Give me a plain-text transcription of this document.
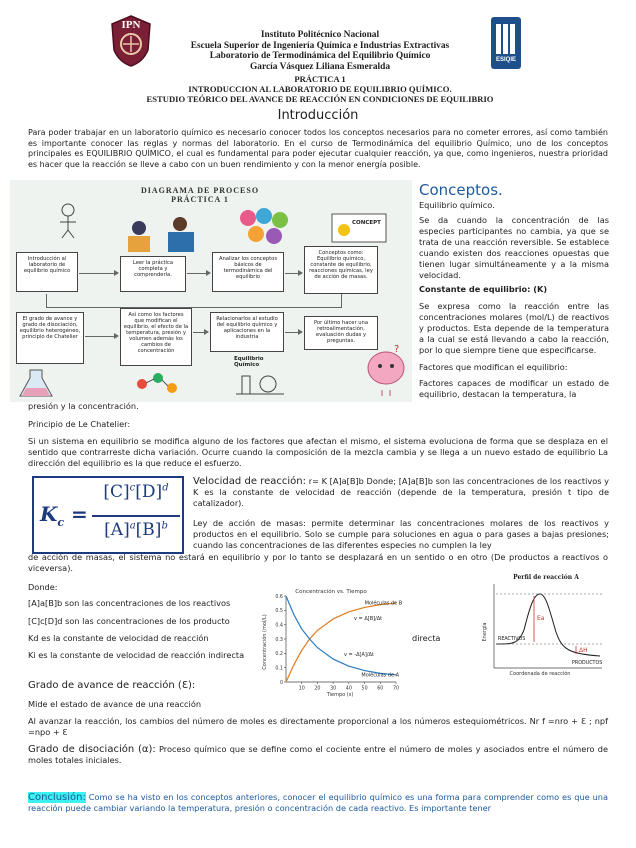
IPN
ESIQIE
Instituto Politécnico Nacional
Escuela Superior de Ingeniería Química e Industrias Extractivas
Laboratorio de Termodinámica del Equilibrio Químico
García Vásquez Liliana Esmeralda
PRÁCTICA 1
INTRODUCCION AL LABORATORIO DE EQUILIBRIO QUÍMICO.
ESTUDIO TEÓRICO DEL AVANCE DE REACCIÓN EN CONDICIONES DE EQUILIBRIO
Introducción
Para poder trabajar en un laboratorio químico es necesario conocer todos los conceptos necesarios para no cometer errores, así como también es importante conocer las reglas y normas del laboratorio. En el curso de Termodinámica del equilibrio Químico, uno de los conceptos principales es EQUILIBRIO QUÍMICO, el cual es fundamental para poder ejecutar cualquier reacción, ya que, como ingenieros, nuestra prioridad es hacer que la reacción se lleve a cabo con un buen rendimiento y con la menor energía posible.
DIAGRAMA DE PROCESO
PRÁCTICA 1
CONCEPT
Introducción al laboratorio de equilibrio químico
Leer la práctica completa y comprenderla.
Analizar los conceptos básicos de termodinámica del equilibrio
Conceptos como: Equilibrio químico, constante de equilibrio, reacciones químicas, ley de acción de masas.
El grado de avance y grado de disociación, equilibrio heterogéneo, principio de Chatelier
Así como los factores que modifican el equilibrio, el efecto de la temperatura, presión y volumen además los cambios de concentración
Relacionarlos al estudio del equilibrio químico y aplicaciones en la industria
Por último hacer una retroalimentación, evaluación dudas y preguntas.
Equilibrio Químico
?
Conceptos.
Equilibrio químico.
Se da cuando la concentración de las especies participantes no cambia, ya que se trata de una reacción reversible. Se establece cuando existen dos reacciones opuestas que tienen lugar simultáneamente y a la misma velocidad.
Constante de equilibrio: (K)
Se expresa como la reacción entre las concentraciones molares (mol/L) de reactivos y productos. Esta depende de la temperatura a la cual se está llevando a cabo la reacción, por lo que siempre tiene que especificarse.
Factores que modifican el equilibrio:
Factores capaces de modificar un estado de equilibrio, destacan la temperatura, la
presión y la concentración.
Principio de Le Chatelier:
Si un sistema en equilibrio se modifica alguno de los factores que afectan el mismo, el sistema evoluciona de forma que se desplaza en el sentido que contrarreste dicha variación. Ocurre cuando la composición de la mezcla cambia y se llega a un nuevo estado de equilibrio La dirección del equilibrio es la que reduce el esfuerzo.
$K_c$ =
$[C]^c[D]^d$
$[A]^a[B]^b$
Velocidad de reacción: r= K [A]a[B]b Donde; [A]a[B]b son las concentraciones de los reactivos y K es la constante de velocidad de reacción (depende de la temperatura, presión t tipo de catalizador).
Ley de acción de masas: permite determinar las concentraciones molares de los reactivos y productos en el equilibrio. Solo se cumple para soluciones en agua o para gases a bajas presiones; cuando las concentraciones de las diferentes especies no cumplen la ley
de acción de masas, el sistema no estará en equilibrio y por lo tanto se desplazará en un sentido o en otro (De productos a reactivos o viceversa).
Donde:
[A]a[B]b son las concentraciones de los reactivos
[C]c[D]d son las concentraciones de los producto
Kd es la constante de velocidad de reacción	directa
Ki es la constante de velocidad de reacción indirecta
Concentración vs. Tiempo
Concentración (mol/L)
Tiempo (s)
v = Δ[B]/Δt
v = -Δ[A]/Δt
10 20 30 40 50 60 70
0
0.1
0.2
0.3
0.4
0.5
0.6
Moléculas de B
Moléculas de A
Perfil de reacción A
Energía
Coordenada de reacción
Ea
ΔH
REACTIVOS
PRODUCTOS
Grado de avance de reacción (Ɛ):
Mide el estado de avance de una reacción
Al avanzar la reacción, los cambios del número de moles es directamente proporcional a los números estequiométricos. Nr f =nro + Ɛ ; npf =npo + Ɛ
Grado de disociación (α): Proceso químico que se define como el cociente entre el número de moles y asociados entre el número de moles totales iniciales.
Conclusión: Como se ha visto en los conceptos anteriores, conocer el equilibrio químico es una forma para comprender como es que una reacción puede cambiar variando la temperatura, presión o concentración de cada reactivo. Es importante tener
